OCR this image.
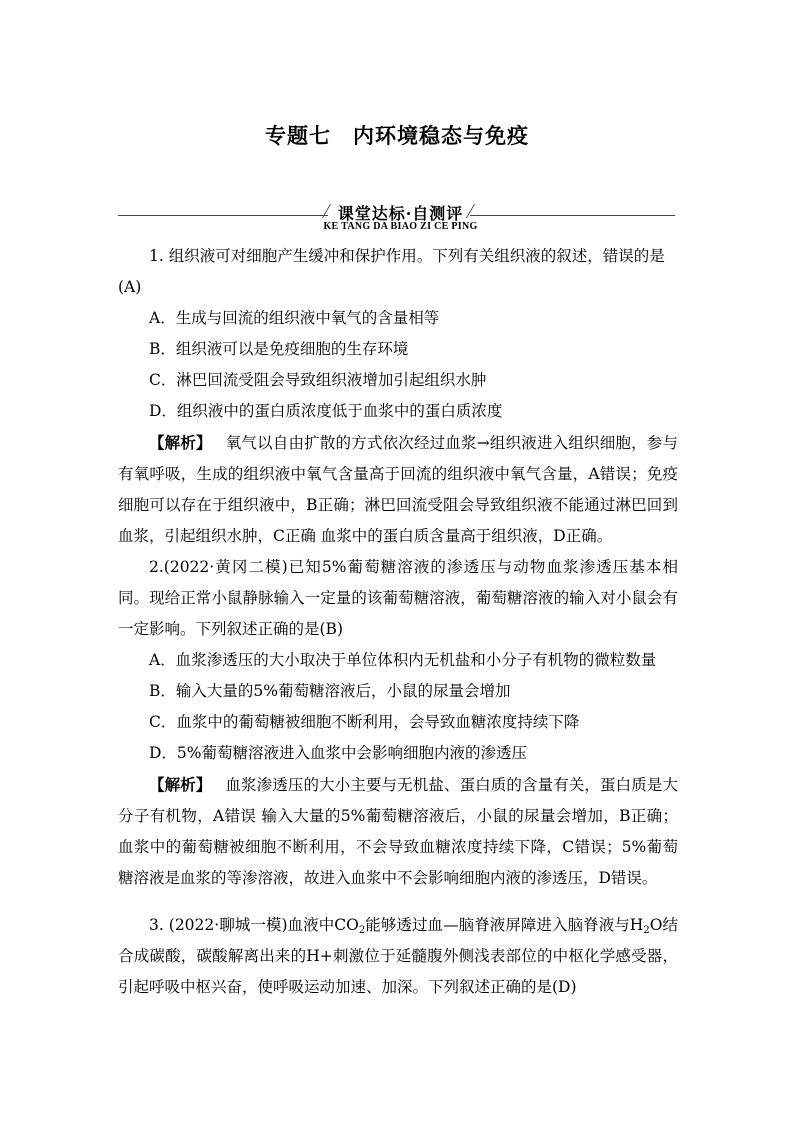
专题七　内环境稳态与免疫
课堂达标·自测评
KE TANG DA BIAO ZI CE PING

1. 组织液可对细胞产生缓冲和保护作用。下列有关组织液的叙述，错误的是
(A)

A．生成与回流的组织液中氧气的含量相等

B．组织液可以是免疫细胞的生存环境

C．淋巴回流受阻会导致组织液增加引起组织水肿

D．组织液中的蛋白质浓度低于血浆中的蛋白质浓度

【解析】 氧气以自由扩散的方式依次经过血浆→组织液进入组织细胞，参与有氧呼吸，生成的组织液中氧气含量高于回流的组织液中氧气含量，A错误；免疫细胞可以存在于组织液中，B正确；淋巴回流受阻会导致组织液不能通过淋巴回到血浆，引起组织水肿，C正确 血浆中的蛋白质含量高于组织液，D正确。

2.(2022·黄冈二模)已知5%葡萄糖溶液的渗透压与动物血浆渗透压基本相同。现给正常小鼠静脉输入一定量的该葡萄糖溶液，葡萄糖溶液的输入对小鼠会有一定影响。下列叙述正确的是(B)

A．血浆渗透压的大小取决于单位体积内无机盐和小分子有机物的微粒数量

B．输入大量的5%葡萄糖溶液后，小鼠的尿量会增加

C．血浆中的葡萄糖被细胞不断利用，会导致血糖浓度持续下降

D．5%葡萄糖溶液进入血浆中会影响细胞内液的渗透压

【解析】 血浆渗透压的大小主要与无机盐、蛋白质的含量有关，蛋白质是大分子有机物，A错误 输入大量的5%葡萄糖溶液后，小鼠的尿量会增加，B正确；血浆中的葡萄糖被细胞不断利用，不会导致血糖浓度持续下降，C错误；5%葡萄糖溶液是血浆的等渗溶液，故进入血浆中不会影响细胞内液的渗透压，D错误。

3. (2022·聊城一模)血液中$CO_2$能够透过血—脑脊液屏障进入脑脊液与$H_2O$结合成碳酸，碳酸解离出来的H+刺激位于延髓腹外侧浅表部位的中枢化学感受器，引起呼吸中枢兴奋，使呼吸运动加速、加深。下列叙述正确的是(D)
